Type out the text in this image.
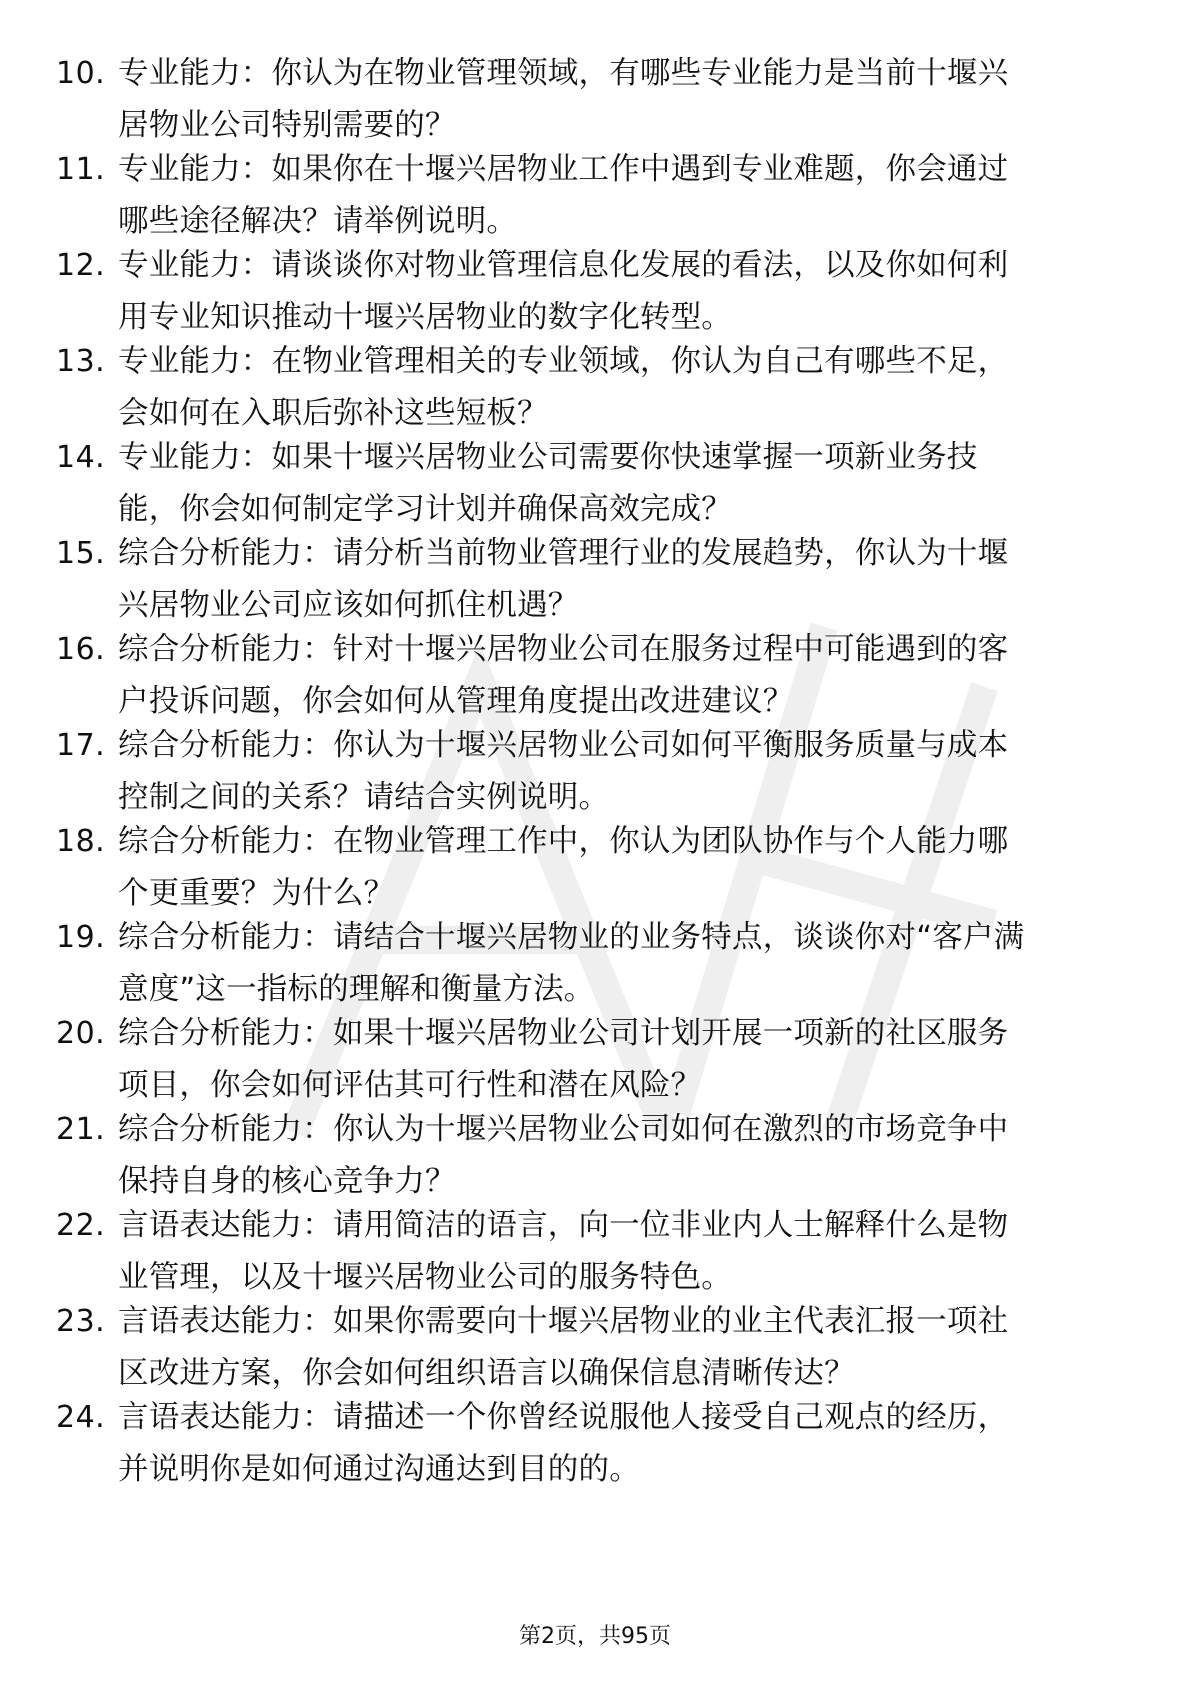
10. 专业能力：你认为在物业管理领域，有哪些专业能力是当前十堰兴居物业公司特别需要的？
11. 专业能力：如果你在十堰兴居物业工作中遇到专业难题，你会通过哪些途径解决？请举例说明。
12. 专业能力：请谈谈你对物业管理信息化发展的看法，以及你如何利用专业知识推动十堰兴居物业的数字化转型。
13. 专业能力：在物业管理相关的专业领域，你认为自己有哪些不足，会如何在入职后弥补这些短板？
14. 专业能力：如果十堰兴居物业公司需要你快速掌握一项新业务技能，你会如何制定学习计划并确保高效完成？
15. 综合分析能力：请分析当前物业管理行业的发展趋势，你认为十堰兴居物业公司应该如何抓住机遇？
16. 综合分析能力：针对十堰兴居物业公司在服务过程中可能遇到的客户投诉问题，你会如何从管理角度提出改进建议？
17. 综合分析能力：你认为十堰兴居物业公司如何平衡服务质量与成本控制之间的关系？请结合实例说明。
18. 综合分析能力：在物业管理工作中，你认为团队协作与个人能力哪个更重要？为什么？
19. 综合分析能力：请结合十堰兴居物业的业务特点，谈谈你对“客户满意度”这一指标的理解和衡量方法。
20. 综合分析能力：如果十堰兴居物业公司计划开展一项新的社区服务项目，你会如何评估其可行性和潜在风险？
21. 综合分析能力：你认为十堰兴居物业公司如何在激烈的市场竞争中保持自身的核心竞争力？
22. 言语表达能力：请用简洁的语言，向一位非业内人士解释什么是物业管理，以及十堰兴居物业公司的服务特色。
23. 言语表达能力：如果你需要向十堰兴居物业的业主代表汇报一项社区改进方案，你会如何组织语言以确保信息清晰传达？
24. 言语表达能力：请描述一个你曾经说服他人接受自己观点的经历，并说明你是如何通过沟通达到目的的。
第2页，共95页
